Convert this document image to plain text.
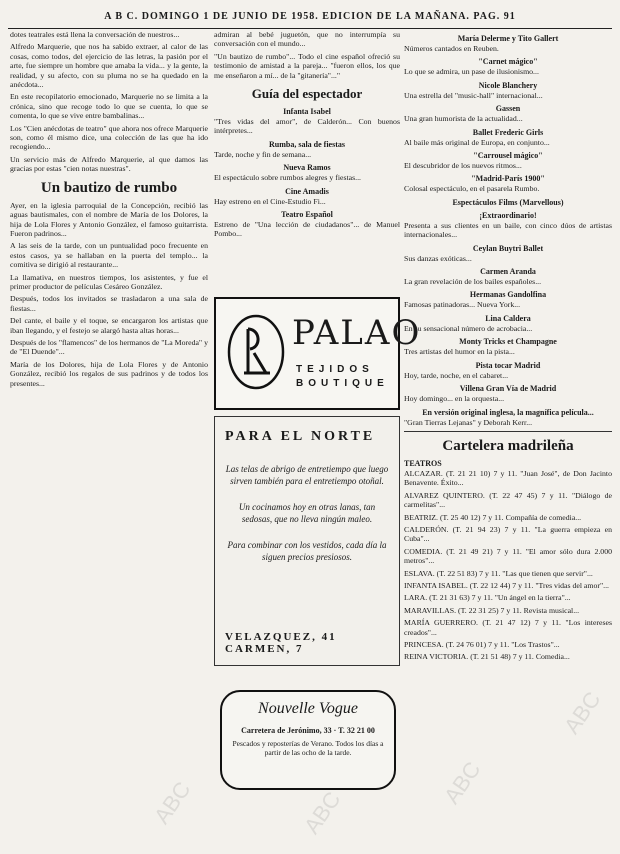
A B C. DOMINGO 1 DE JUNIO DE 1958. EDICION DE LA MAÑANA. PAG. 91

dotes teatrales está llena la conversación de nuestros...

Alfredo Marquerie, que nos ha sabido extraer, al calor de las cosas, como todos, del ejercicio de las letras, la pasión por el arte, fue siempre un hombre que amaba la vida... y la gente, la realidad, y su afecto, con su pluma no se ha quedado en la anécdota...

En este recopilatorio emocionado, Marquerie no se limita a la crónica, sino que recoge todo lo que se cuenta, lo que se comenta, lo que se vive entre bambalinas...

Los "Cien anécdotas de teatro" que ahora nos ofrece Marquerie son, como él mismo dice, una colección de las que ha ido recogiendo...

Un servicio más de Alfredo Marquerie, al que damos las gracias por estas "cien notas nuestras".

Un bautizo de rumbo

Ayer, en la iglesia parroquial de la Concepción, recibió las aguas bautismales, con el nombre de María de los Dolores, la hija de Lola Flores y Antonio González, el famoso guitarrista. Fueron padrinos...

A las seis de la tarde, con un puntualidad poco frecuente en estos casos, ya se hallaban en la puerta del templo... la comitiva se dirigió al restaurante...

La llamativa, en nuestros tiempos, los asistentes, y fue el primer productor de películas Cesáreo González.

Después, todos los invitados se trasladaron a una sala de fiestas...

Del cante, el baile y el toque, se encargaron los artistas que iban llegando, y el festejo se alargó hasta altas horas...

Después de los "flamencos" de los hermanos de "La Moreda" y de "El Duende"...

María de los Dolores, hija de Lola Flores y de Antonio González, recibió los regalos de sus padrinos y de todos los presentes...

admiran al bebé juguetón, que no interrumpía su conversación con el mundo...

"Un bautizo de rumbo"... Todo el cine español ofreció su testimonio de amistad a la pareja... "fueron ellos, los que me enseñaron a mí... de la "gitanería"..."

Guía del espectador
Infanta Isabel

"Tres vidas del amor", de Calderón... Con buenos intérpretes...

Rumba, sala de fiestas

Tarde, noche y fin de semana...

Nueva Ramos

El espectáculo sobre rumbos alegres y fiestas...

Cine Amadis

Hay estreno en el Cine-Estudio Fi...

Teatro Español

Estreno de "Una lección de ciudadanos"... de Manuel Pombo...

PALAO
TEJIDOS
BOUTIQUE
PARA EL NORTE
Las telas de abrigo de entretiempo que luego sirven también para el entretiempo otoñal.
Un cocinamos hoy en otras lanas, tan sedosas, que no lleva ningún maleo.
Para combinar con los vestidos, cada día la siguen precios presiosos.
VELAZQUEZ, 41 CARMEN, 7
Nouvelle Vogue
Carretera de Jerónimo, 33 · T. 32 21 00
Pescados y reposterías de Verano. Todos los días a partir de las ocho de la tarde.
María Delerme y Tito Gallert

Números cantados en Reuben.

"Carnet mágico"

Lo que se admira, un pase de ilusionismo...

Nicole Blanchery

Una estrella del "music-hall" internacional...

Gassen

Una gran humorista de la actualidad...

Ballet Frederic Girls

Al baile más original de Europa, en conjunto...

"Carrousel mágico"

El descubridor de los nuevos ritmos...

"Madrid-París 1900"

Colosal espectáculo, en el pasarela Rumbo.

Espectáculos Films (Marvellous)
¡Extraordinario!

Presenta a sus clientes en un baile, con cinco dúos de artistas internacionales...

Ceylan Buytri Ballet

Sus danzas exóticas...

Carmen Aranda

La gran revelación de los bailes españoles...

Hermanas Gandolfina

Famosas patinadoras... Nueva York...

Lina Caldera

En su sensacional número de acrobacia...

Monty Tricks et Champagne

Tres artistas del humor en la pista...

Pista tocar Madrid

Hoy, tarde, noche, en el cabaret...

Villena Gran Vía de Madrid

Hoy domingo... en la orquesta...

En versión original inglesa, la magnífica película...

"Gran Tierras Lejanas" y Deborah Kerr...

Cartelera madrileña
TEATROS

ALCAZAR. (T. 21 21 10) 7 y 11. "Juan José", de Don Jacinto Benavente. Éxito...

ALVAREZ QUINTERO. (T. 22 47 45) 7 y 11. "Diálogo de carmelitas"...

BEATRIZ. (T. 25 40 12) 7 y 11. Compañía de comedia...

CALDERÓN. (T. 21 94 23) 7 y 11. "La guerra empieza en Cuba"...

COMEDIA. (T. 21 49 21) 7 y 11. "El amor sólo dura 2.000 metros"...

ESLAVA. (T. 22 51 83) 7 y 11. "Las que tienen que servir"...

INFANTA ISABEL. (T. 22 12 44) 7 y 11. "Tres vidas del amor"...

LARA. (T. 21 31 63) 7 y 11. "Un ángel en la tierra"...

MARAVILLAS. (T. 22 31 25) 7 y 11. Revista musical...

MARÍA GUERRERO. (T. 21 47 12) 7 y 11. "Los intereses creados"...

PRINCESA. (T. 24 76 01) 7 y 11. "Los Trastos"...

REINA VICTORIA. (T. 21 51 48) 7 y 11. Comedia...

ABC	ABC
ABC
ABC
